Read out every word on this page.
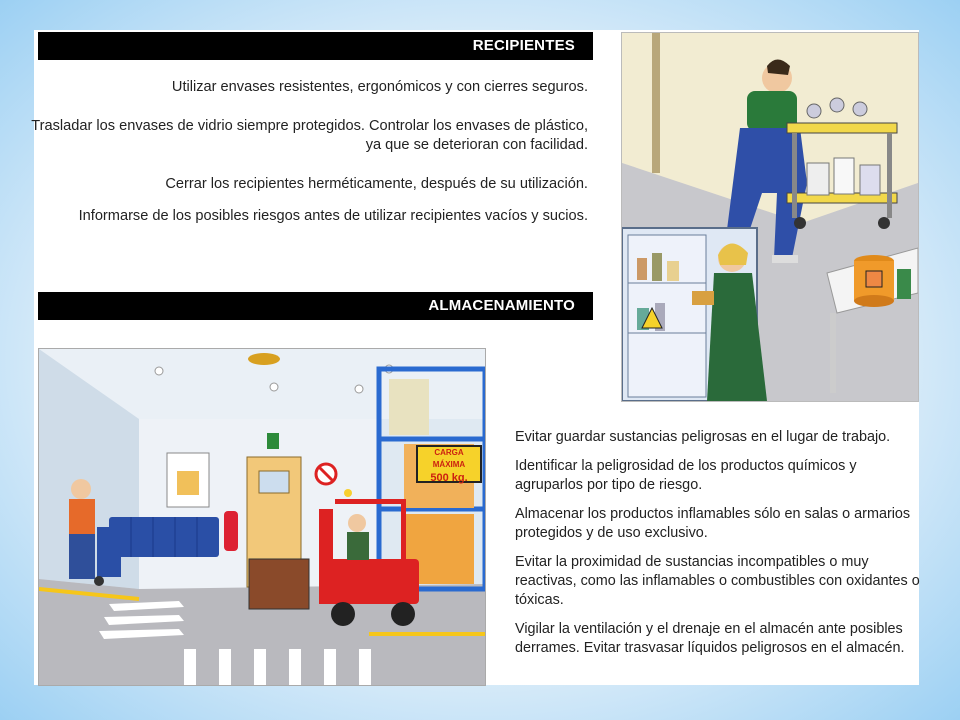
RECIPIENTES
Utilizar envases resistentes, ergonómicos y con cierres seguros.
Trasladar los envases de vidrio siempre protegidos. Controlar los envases de plástico,
ya que se deterioran con facilidad.
Cerrar los recipientes herméticamente, después de su utilización.
Informarse de los posibles riesgos antes de utilizar recipientes vacíos y sucios.
ALMACENAMIENTO
CARGA MÁXIMA
500 kg.

Evitar guardar sustancias peligrosas en el lugar de trabajo.

Identificar la peligrosidad de los productos químicos y agruparlos por tipo de riesgo.

Almacenar los productos inflamables sólo en salas o armarios protegidos y de uso exclusivo.

Evitar la proximidad de sustancias incompatibles o muy reactivas, como las inflamables o combustibles con oxidantes o tóxicas.

Vigilar la ventilación y el drenaje en el almacén ante posibles derrames. Evitar trasvasar líquidos peligrosos en el almacén.
